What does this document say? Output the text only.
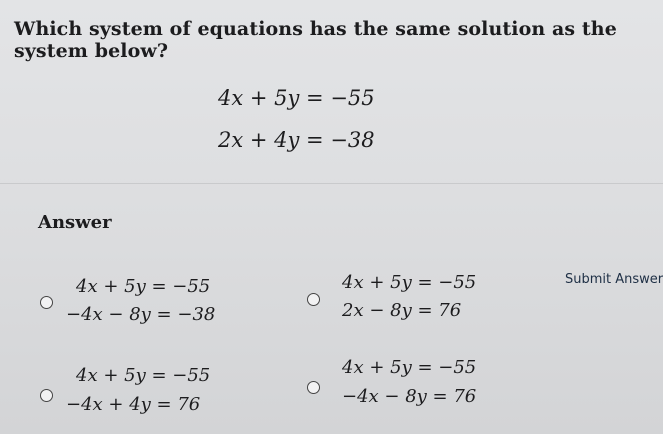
Which system of equations has the same solution as the system below?
4x + 5y = −55
2x + 4y = −38
Answer
4x + 5y = −55
−4x − 8y = −38
4x + 5y = −55
2x − 8y = 76
4x + 5y = −55
−4x + 4y = 76
4x + 5y = −55
−4x − 8y = 76
Submit Answer
